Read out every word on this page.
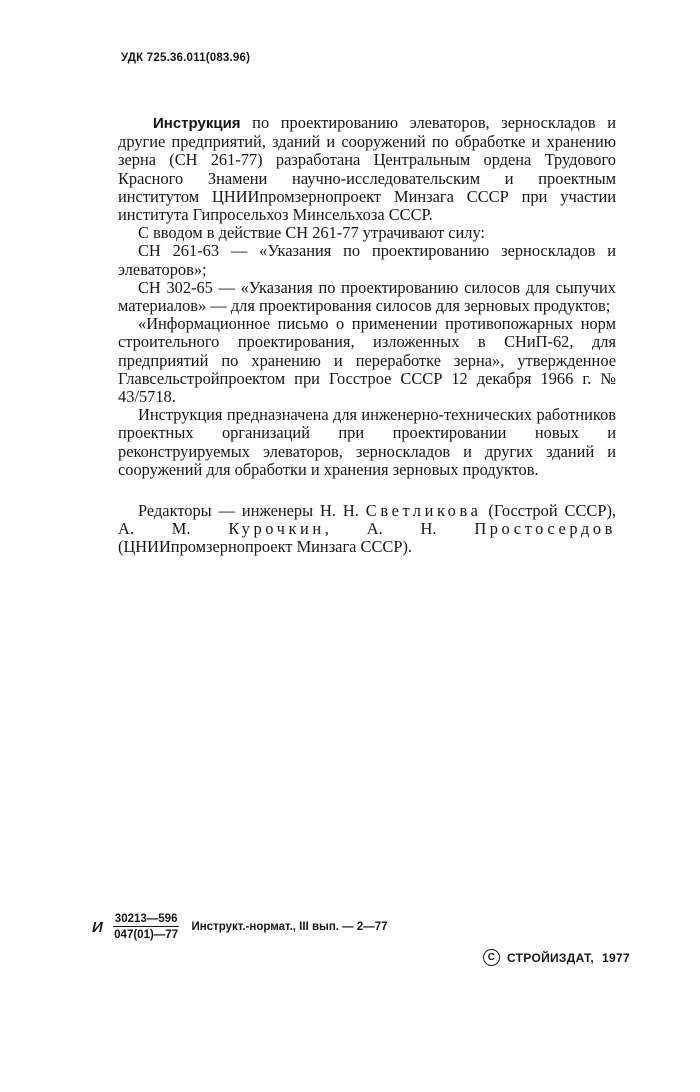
УДК 725.36.011(083.96)

Инструкция по проектированию элеваторов, зерноскладов и другие предприятий, зданий и сооружений по обработке и хранению зерна (СН 261-77) разработана Центральным ордена Трудового Красного Знамени научно-исследовательским и проектным институтом ЦНИИпромзернопроект Минзага СССР при участии института Гипросельхоз Минсельхоза СССР.

С вводом в действие СН 261-77 утрачивают силу:

СН 261-63 — «Указания по проектированию зерноскладов и элеваторов»;

СН 302-65 — «Указания по проектированию силосов для сыпучих материалов» — для проектирования силосов для зерновых продуктов;

«Информационное письмо о применении противопожарных норм строительного проектирования, изложенных в СНиП-62, для предприятий по хранению и переработке зерна», утвержденное Главсельстройпроектом при Госстрое СССР 12 декабря 1966 г. № 43/5718.

Инструкция предназначена для инженерно-технических работников проектных организаций при проектировании новых и реконструируемых элеваторов, зерноскладов и других зданий и сооружений для обработки и хранения зерновых продуктов.

Редакторы — инженеры Н. Н. Светликова (Госстрой СССР), А. М. Курочкин, А. Н. Простосердов (ЦНИИпромзернопроект Минзага СССР).

И $\frac{30213—596}{047(01)—77}$ Инструкт.-нормат., III вып. — 2—77
С СТРОЙИЗДАТ, 1977
